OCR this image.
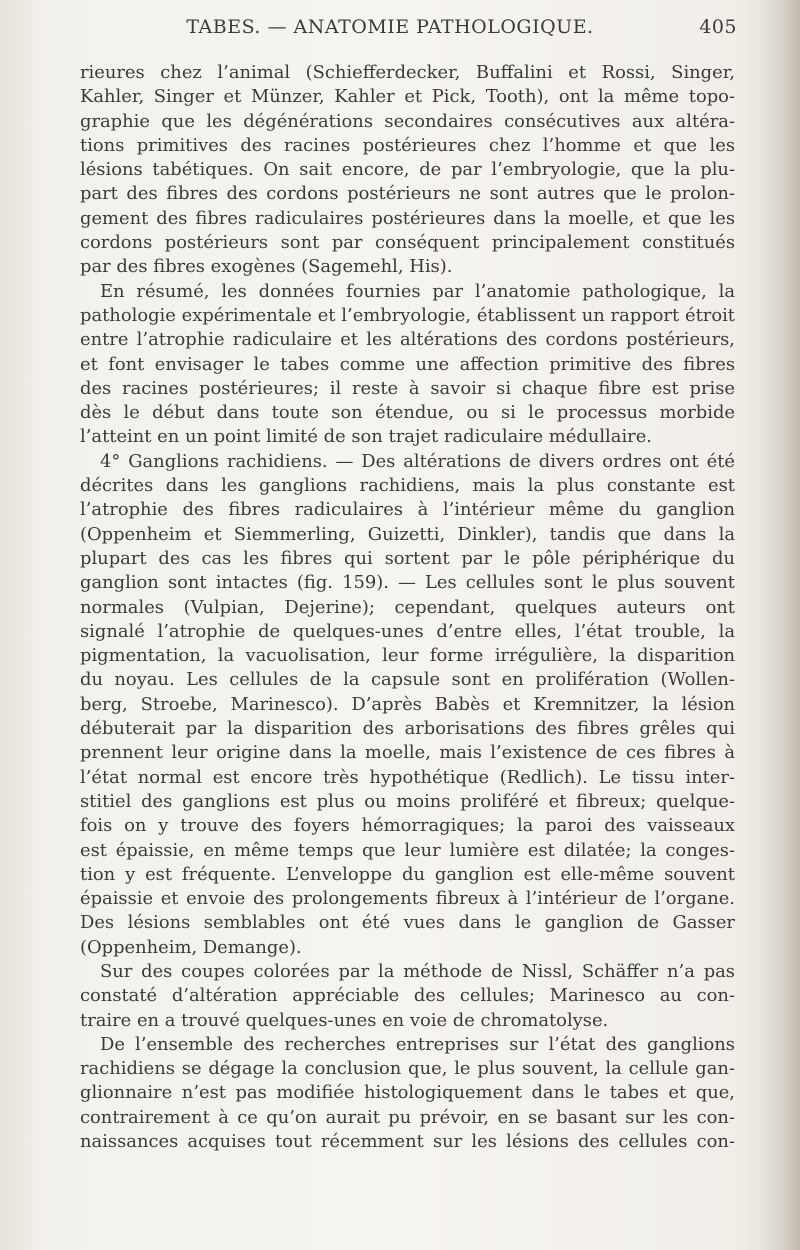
TABES. — ANATOMIE PATHOLOGIQUE.	405
rieures chez l’animal (Schiefferdecker, Buffalini et Rossi, Singer,
Kahler, Singer et Münzer, Kahler et Pick, Tooth), ont la même topo-
graphie que les dégénérations secondaires consécutives aux altéra-
tions primitives des racines postérieures chez l’homme et que les
lésions tabétiques. On sait encore, de par l’embryologie, que la plu-
part des fibres des cordons postérieurs ne sont autres que le prolon-
gement des fibres radiculaires postérieures dans la moelle, et que les
cordons postérieurs sont par conséquent principalement constitués
par des fibres exogènes (Sagemehl, His).
En résumé, les données fournies par l’anatomie pathologique, la
pathologie expérimentale et l’embryologie, établissent un rapport étroit
entre l’atrophie radiculaire et les altérations des cordons postérieurs,
et font envisager le tabes comme une affection primitive des fibres
des racines postérieures; il reste à savoir si chaque fibre est prise
dès le début dans toute son étendue, ou si le processus morbide
l’atteint en un point limité de son trajet radiculaire médullaire.
4° Ganglions rachidiens. — Des altérations de divers ordres ont été
décrites dans les ganglions rachidiens, mais la plus constante est
l’atrophie des fibres radiculaires à l’intérieur même du ganglion
(Oppenheim et Siemmerling, Guizetti, Dinkler), tandis que dans la
plupart des cas les fibres qui sortent par le pôle périphérique du
ganglion sont intactes (fig. 159). — Les cellules sont le plus souvent
normales (Vulpian, Dejerine); cependant, quelques auteurs ont
signalé l’atrophie de quelques-unes d’entre elles, l’état trouble, la
pigmentation, la vacuolisation, leur forme irrégulière, la disparition
du noyau. Les cellules de la capsule sont en prolifération (Wollen-
berg, Stroebe, Marinesco). D’après Babès et Kremnitzer, la lésion
débuterait par la disparition des arborisations des fibres grêles qui
prennent leur origine dans la moelle, mais l’existence de ces fibres à
l’état normal est encore très hypothétique (Redlich). Le tissu inter-
stitiel des ganglions est plus ou moins proliféré et fibreux; quelque-
fois on y trouve des foyers hémorragiques; la paroi des vaisseaux
est épaissie, en même temps que leur lumière est dilatée; la conges-
tion y est fréquente. L’enveloppe du ganglion est elle-même souvent
épaissie et envoie des prolongements fibreux à l’intérieur de l’organe.
Des lésions semblables ont été vues dans le ganglion de Gasser
(Oppenheim, Demange).
Sur des coupes colorées par la méthode de Nissl, Schäffer n’a pas
constaté d’altération appréciable des cellules; Marinesco au con-
traire en a trouvé quelques-unes en voie de chromatolyse.
De l’ensemble des recherches entreprises sur l’état des ganglions
rachidiens se dégage la conclusion que, le plus souvent, la cellule gan-
glionnaire n’est pas modifiée histologiquement dans le tabes et que,
contrairement à ce qu’on aurait pu prévoir, en se basant sur les con-
naissances acquises tout récemment sur les lésions des cellules con-
